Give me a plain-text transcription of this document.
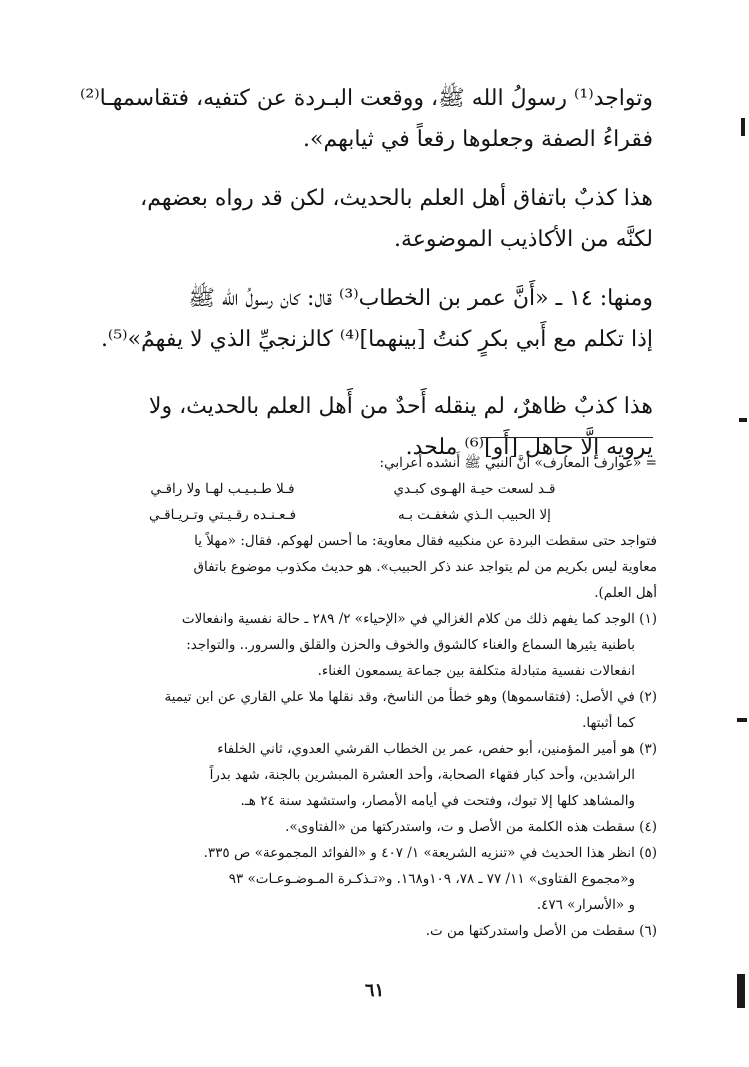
وتواجد⁽¹⁾ رسولُ الله ﷺ، ووقعت البـردة عن كتفيه، فتقاسمهـا⁽²⁾

فقراءُ الصفة وجعلوها رقعاً في ثيابهم».

هذا كذبٌ باتفاق أهل العلم بالحديث، لكن قد رواه بعضهم،

لكنَّه من الأكاذيب الموضوعة.

ومنها: ١٤ ـ «أَنَّ عمر بن الخطاب⁽³⁾ قال: كان رسولُ الله ﷺ

إذا تكلم مع أَبي بكرٍ كنتُ [بينهما]⁽⁴⁾ كالزنجيِّ الذي لا يفهمُ»⁽⁵⁾.

هذا كذبٌ ظاهرٌ، لم ينقله أَحدٌ من أَهل العلم بالحديث، ولا

يرويه إلَّا جاهل [أَو]⁽⁶⁾ ملحد.

= «عوارف المعارف» أَنَّ النبي ﷺ أَنشده أَعرابي:

قـد لسعت حيـة الهـوى كبـدي
فـلا طـبـيـب لهـا ولا راقـي
إلا الحبيب الـذي شغفـت بـه
فـعـنـده رقـيـتي وتـريـاقـي

فتواجد حتى سقطت البردة عن منكبيه فقال معاوية: ما أحسن لهوكم. فقال: «مهلاً يا

معاوية ليس بكريم من لم يتواجد عند ذكر الحبيب». هو حديث مكذوب موضوع باتفاق

أهل العلم).

(١) الوجد كما يفهم ذلك من كلام الغزالي في «الإحياء» ٢/ ٢٨٩ ـ حالة نفسية وانفعالات

باطنية يثيرها السماع والغناء كالشوق والخوف والحزن والقلق والسرور.. والتواجد:

انفعالات نفسية متبادلة متكلفة بين جماعة يسمعون الغناء.

(٢) في الأصل: (فتقاسموها) وهو خطأ من الناسخ، وقد نقلها ملا علي القاري عن ابن تيمية

كما أثبتها.

(٣) هو أمير المؤمنين، أبو حفص، عمر بن الخطاب القرشي العدوي، ثاني الخلفاء

الراشدين، وأحد كبار فقهاء الصحابة، وأحد العشرة المبشرين بالجنة، شهد بدراً

والمشاهد كلها إلا تبوك، وفتحت في أيامه الأمصار، واستشهد سنة ٢٤ هـ.

(٤) سقطت هذه الكلمة من الأصل و ت، واستدركتها من «الفتاوى».

(٥) انظر هذا الحديث في «تنزيه الشريعة» ١/ ٤٠٧ و «الفوائد المجموعة» ص ٣٣٥.

و«مجموع الفتاوى» ١١/ ٧٧ ـ ٧٨، ١٠٩و١٦٨. و«تـذكـرة المـوضـوعـات» ٩٣

و «الأسرار» ٤٧٦.

(٦) سقطت من الأصل واستدركتها من ت.

٦١
